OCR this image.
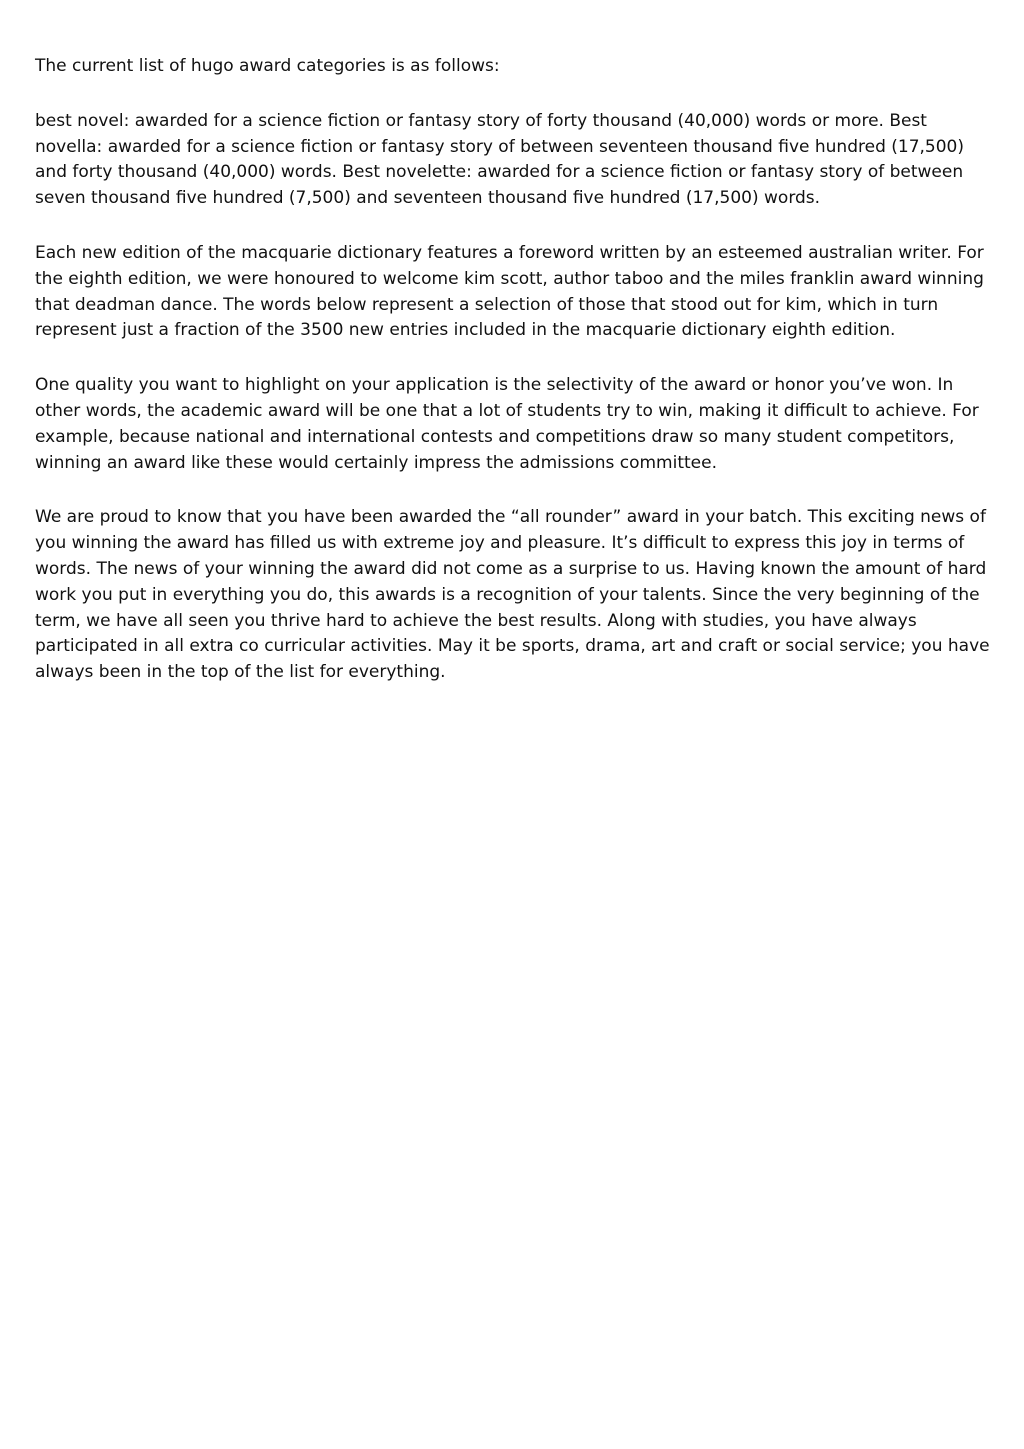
The current list of hugo award categories is as follows:

best novel: awarded for a science fiction or fantasy story of forty thousand (40,000) words or more. Best novella: awarded for a science fiction or fantasy story of between seventeen thousand five hundred (17,500) and forty thousand (40,000) words. Best novelette: awarded for a science fiction or fantasy story of between seven thousand five hundred (7,500) and seventeen thousand five hundred (17,500) words.

Each new edition of the macquarie dictionary features a foreword written by an esteemed australian writer. For the eighth edition, we were honoured to welcome kim scott, author taboo and the miles franklin award winning that deadman dance. The words below represent a selection of those that stood out for kim, which in turn represent just a fraction of the 3500 new entries included in the macquarie dictionary eighth edition.

One quality you want to highlight on your application is the selectivity of the award or honor you’ve won. In other words, the academic award will be one that a lot of students try to win, making it difficult to achieve. For example, because national and international contests and competitions draw so many student competitors, winning an award like these would certainly impress the admissions committee.

We are proud to know that you have been awarded the “all rounder” award in your batch. This exciting news of you winning the award has filled us with extreme joy and pleasure. It’s difficult to express this joy in terms of words. The news of your winning the award did not come as a surprise to us. Having known the amount of hard work you put in everything you do, this awards is a recognition of your talents. Since the very beginning of the term, we have all seen you thrive hard to achieve the best results. Along with studies, you have always participated in all extra co curricular activities. May it be sports, drama, art and craft or social service; you have always been in the top of the list for everything.
